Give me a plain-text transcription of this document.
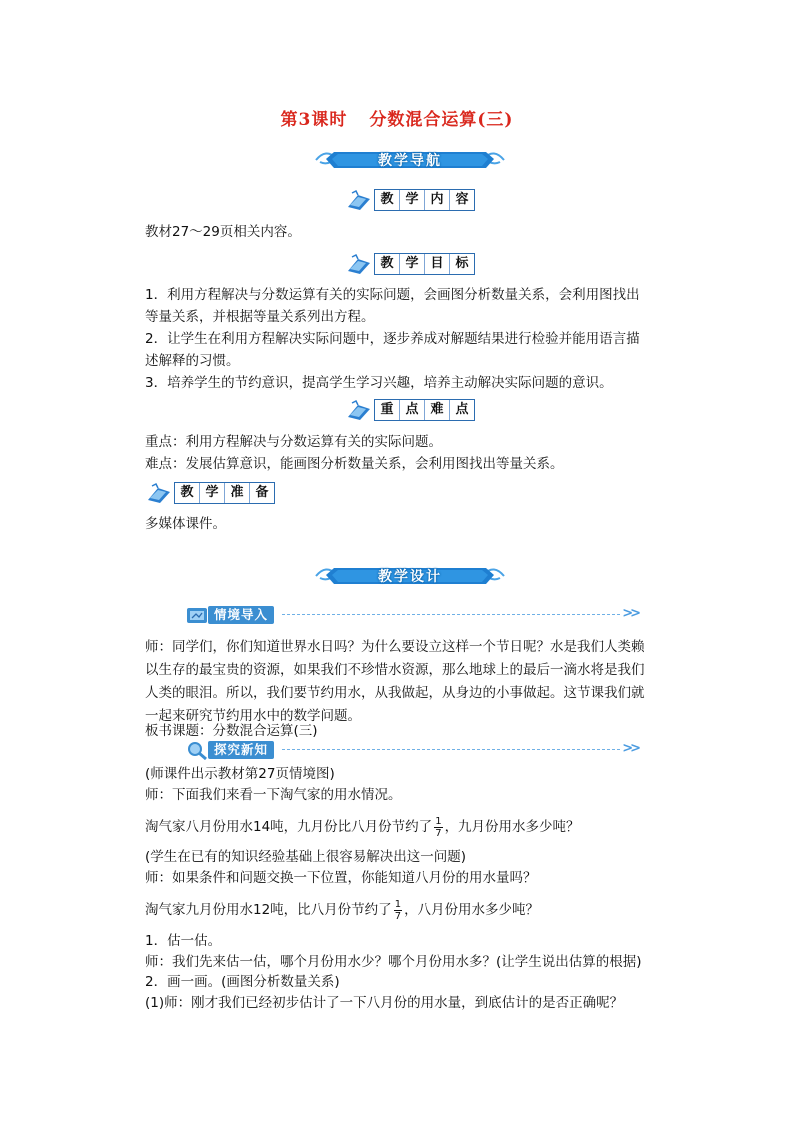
第3课时 分数混合运算(三)
教学导航
教 学 内 容
教材27～29页相关内容。
教 学 目 标
1．利用方程解决与分数运算有关的实际问题，会画图分析数量关系，会利用图找出等量关系，并根据等量关系列出方程。
2．让学生在利用方程解决实际问题中，逐步养成对解题结果进行检验并能用语言描述解释的习惯。
3．培养学生的节约意识，提高学生学习兴趣，培养主动解决实际问题的意识。
重 点 难 点
重点：利用方程解决与分数运算有关的实际问题。
难点：发展估算意识，能画图分析数量关系，会利用图找出等量关系。
教 学 准 备
多媒体课件。
教学设计
情境导入	>>
师：同学们，你们知道世界水日吗？为什么要设立这样一个节日呢？水是我们人类赖以生存的最宝贵的资源，如果我们不珍惜水资源，那么地球上的最后一滴水将是我们人类的眼泪。所以，我们要节约用水，从我做起，从身边的小事做起。这节课我们就一起来研究节约用水中的数学问题。
板书课题：分数混合运算(三)
探究新知	>>
(师课件出示教材第27页情境图)
师：下面我们来看一下淘气家的用水情况。
淘气家八月份用水14吨，九月份比八月份节约了 $\frac{1}{7}$ ，九月份用水多少吨？
(学生在已有的知识经验基础上很容易解决出这一问题)
师：如果条件和问题交换一下位置，你能知道八月份的用水量吗？
淘气家九月份用水12吨，比八月份节约了 $\frac{1}{7}$ ，八月份用水多少吨？
1．估一估。
师：我们先来估一估，哪个月份用水少？哪个月份用水多？(让学生说出估算的根据)
2．画一画。(画图分析数量关系)
(1)师：刚才我们已经初步估计了一下八月份的用水量，到底估计的是否正确呢？
